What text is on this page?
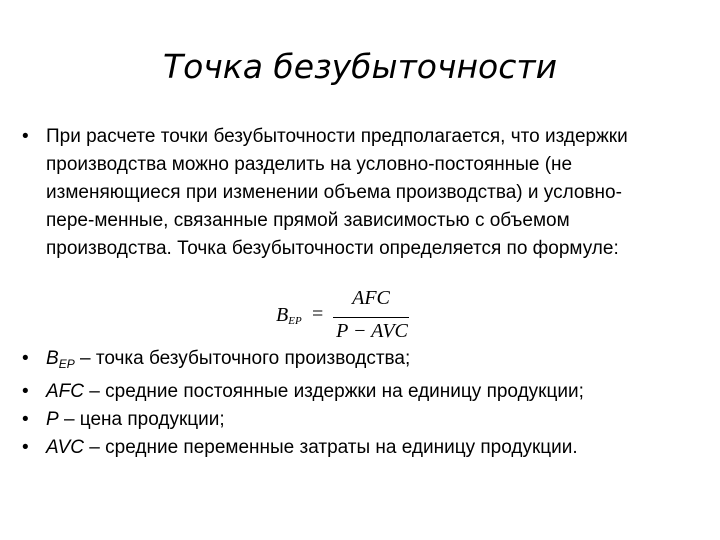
Точка безубыточности
• При расчете точки безубыточности предполагается, что издержки производства можно разделить на условно-постоянные (не изменяющиеся при изменении объема производства) и условно-пере-менные, связанные прямой зависимостью с объемом производства. Точка безубыточности определяется по формуле:
$B_{EP}$ =
AFC
P − AVC
• $B_{EP}$ – точка безубыточного производства;
• AFC – средние постоянные издержки на единицу продукции;
• P – цена продукции;
• AVC – средние переменные затраты на единицу продукции.
